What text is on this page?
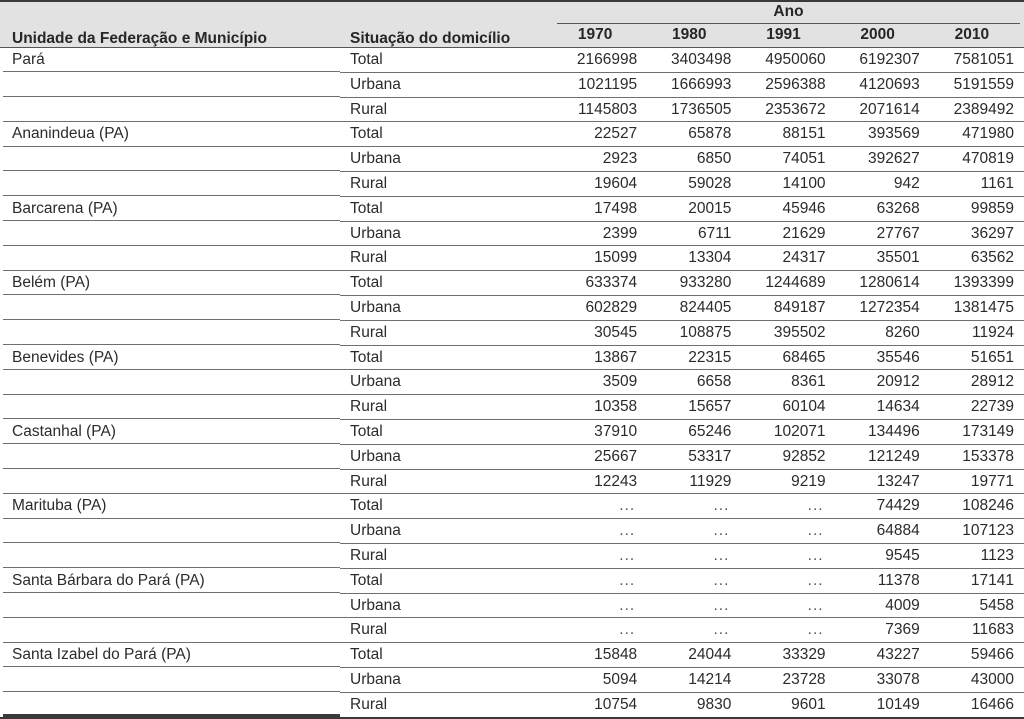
Unidade da Federação e Município	Situação do domicílio	Ano				

		1970	1980	1991	2000	2010
Pará	Total	2166998	3403498	4950060	6192307	7581051
	Urbana	1021195	1666993	2596388	4120693	5191559
	Rural	1145803	1736505	2353672	2071614	2389492
Ananindeua (PA)	Total	22527	65878	88151	393569	471980
	Urbana	2923	6850	74051	392627	470819
	Rural	19604	59028	14100	942	1161
Barcarena (PA)	Total	17498	20015	45946	63268	99859
	Urbana	2399	6711	21629	27767	36297
	Rural	15099	13304	24317	35501	63562
Belém (PA)	Total	633374	933280	1244689	1280614	1393399
	Urbana	602829	824405	849187	1272354	1381475
	Rural	30545	108875	395502	8260	11924
Benevides (PA)	Total	13867	22315	68465	35546	51651
	Urbana	3509	6658	8361	20912	28912
	Rural	10358	15657	60104	14634	22739
Castanhal (PA)	Total	37910	65246	102071	134496	173149
	Urbana	25667	53317	92852	121249	153378
	Rural	12243	11929	9219	13247	19771
Marituba (PA)	Total	...	...	...	74429	108246
	Urbana	...	...	...	64884	107123
	Rural	...	...	...	9545	1123
Santa Bárbara do Pará (PA)	Total	...	...	...	11378	17141
	Urbana	...	...	...	4009	5458
	Rural	...	...	...	7369	11683
Santa Izabel do Pará (PA)	Total	15848	24044	33329	43227	59466
	Urbana	5094	14214	23728	33078	43000
	Rural	10754	9830	9601	10149	16466
